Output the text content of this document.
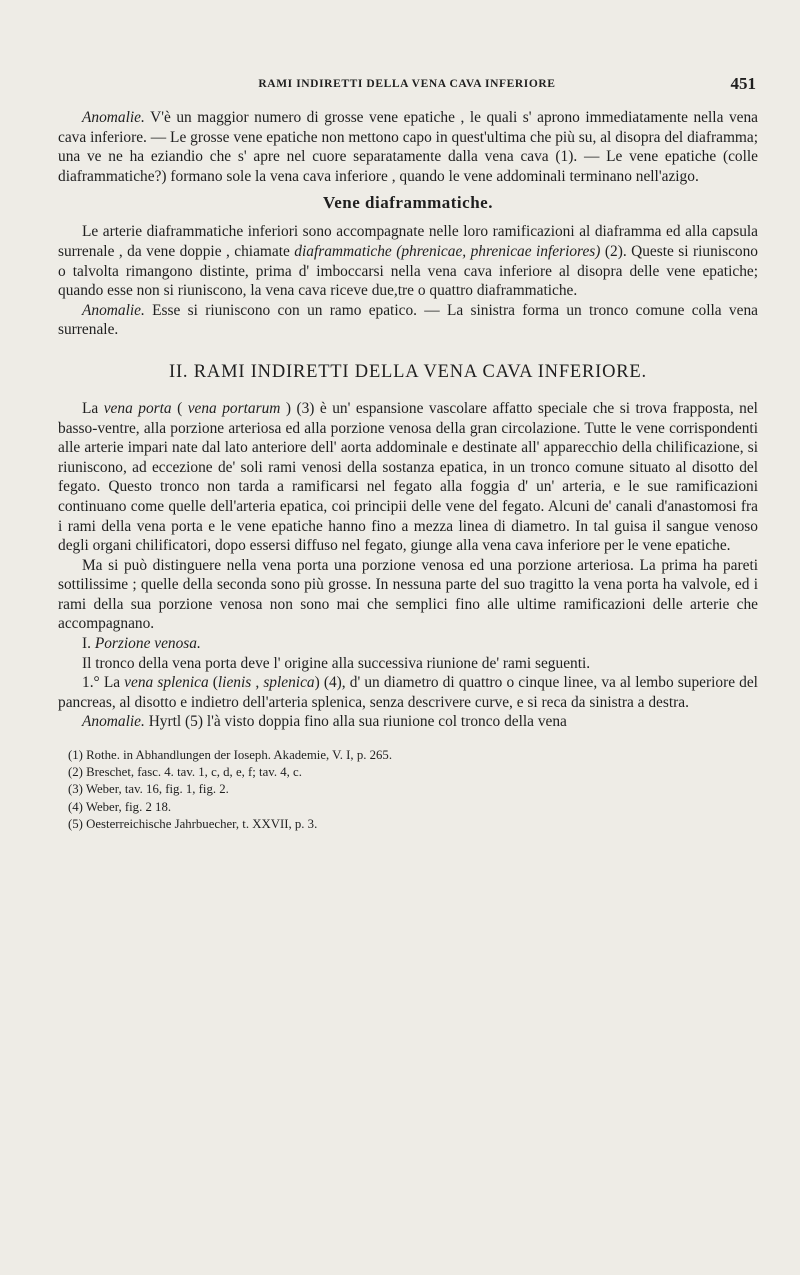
RAMI INDIRETTI DELLA VENA CAVA INFERIORE	451

Anomalie. V'è un maggior numero di grosse vene epatiche , le quali s' aprono immediatamente nella vena cava inferiore. — Le grosse vene epatiche non mettono capo in quest'ultima che più su, al disopra del diaframma; una ve ne ha eziandio che s' apre nel cuore separatamente dalla vena cava (1). — Le vene epatiche (colle diaframmatiche?) formano sole la vena cava inferiore , quando le vene addominali terminano nell'azigo.

Vene diaframmatiche.

Le arterie diaframmatiche inferiori sono accompagnate nelle loro ramificazioni al diaframma ed alla capsula surrenale , da vene doppie , chiamate diaframmatiche (phrenicae, phrenicae inferiores) (2). Queste si riuniscono o talvolta rimangono distinte, prima d' imboccarsi nella vena cava inferiore al disopra delle vene epatiche; quando esse non si riuniscono, la vena cava riceve due,tre o quattro diaframmatiche.

Anomalie. Esse si riuniscono con un ramo epatico. — La sinistra forma un tronco comune colla vena surrenale.

II. RAMI INDIRETTI DELLA VENA CAVA INFERIORE.

La vena porta ( vena portarum ) (3) è un' espansione vascolare affatto speciale che si trova frapposta, nel basso-ventre, alla porzione arteriosa ed alla porzione venosa della gran circolazione. Tutte le vene corrispondenti alle arterie impari nate dal lato anteriore dell' aorta addominale e destinate all' apparecchio della chilificazione, si riuniscono, ad eccezione de' soli rami venosi della sostanza epatica, in un tronco comune situato al disotto del fegato. Questo tronco non tarda a ramificarsi nel fegato alla foggia d' un' arteria, e le sue ramificazioni continuano come quelle dell'arteria epatica, coi principii delle vene del fegato. Alcuni de' canali d'anastomosi fra i rami della vena porta e le vene epatiche hanno fino a mezza linea di diametro. In tal guisa il sangue venoso degli organi chilificatori, dopo essersi diffuso nel fegato, giunge alla vena cava inferiore per le vene epatiche.

Ma si può distinguere nella vena porta una porzione venosa ed una porzione arteriosa. La prima ha pareti sottilissime ; quelle della seconda sono più grosse. In nessuna parte del suo tragitto la vena porta ha valvole, ed i rami della sua porzione venosa non sono mai che semplici fino alle ultime ramificazioni delle arterie che accompagnano.

I. Porzione venosa.

Il tronco della vena porta deve l' origine alla successiva riunione de' rami seguenti.

1.° La vena splenica (lienis , splenica) (4), d' un diametro di quattro o cinque linee, va al lembo superiore del pancreas, al disotto e indietro dell'arteria splenica, senza descrivere curve, e si reca da sinistra a destra.

Anomalie. Hyrtl (5) l'à visto doppia fino alla sua riunione col tronco della vena

(1) Rothe. in Abhandlungen der Ioseph. Akademie, V. I, p. 265.
(2) Breschet, fasc. 4. tav. 1, c, d, e, f; tav. 4, c.
(3) Weber, tav. 16, fig. 1, fig. 2.
(4) Weber, fig. 2 18.
(5) Oesterreichische Jahrbuecher, t. XXVII, p. 3.
